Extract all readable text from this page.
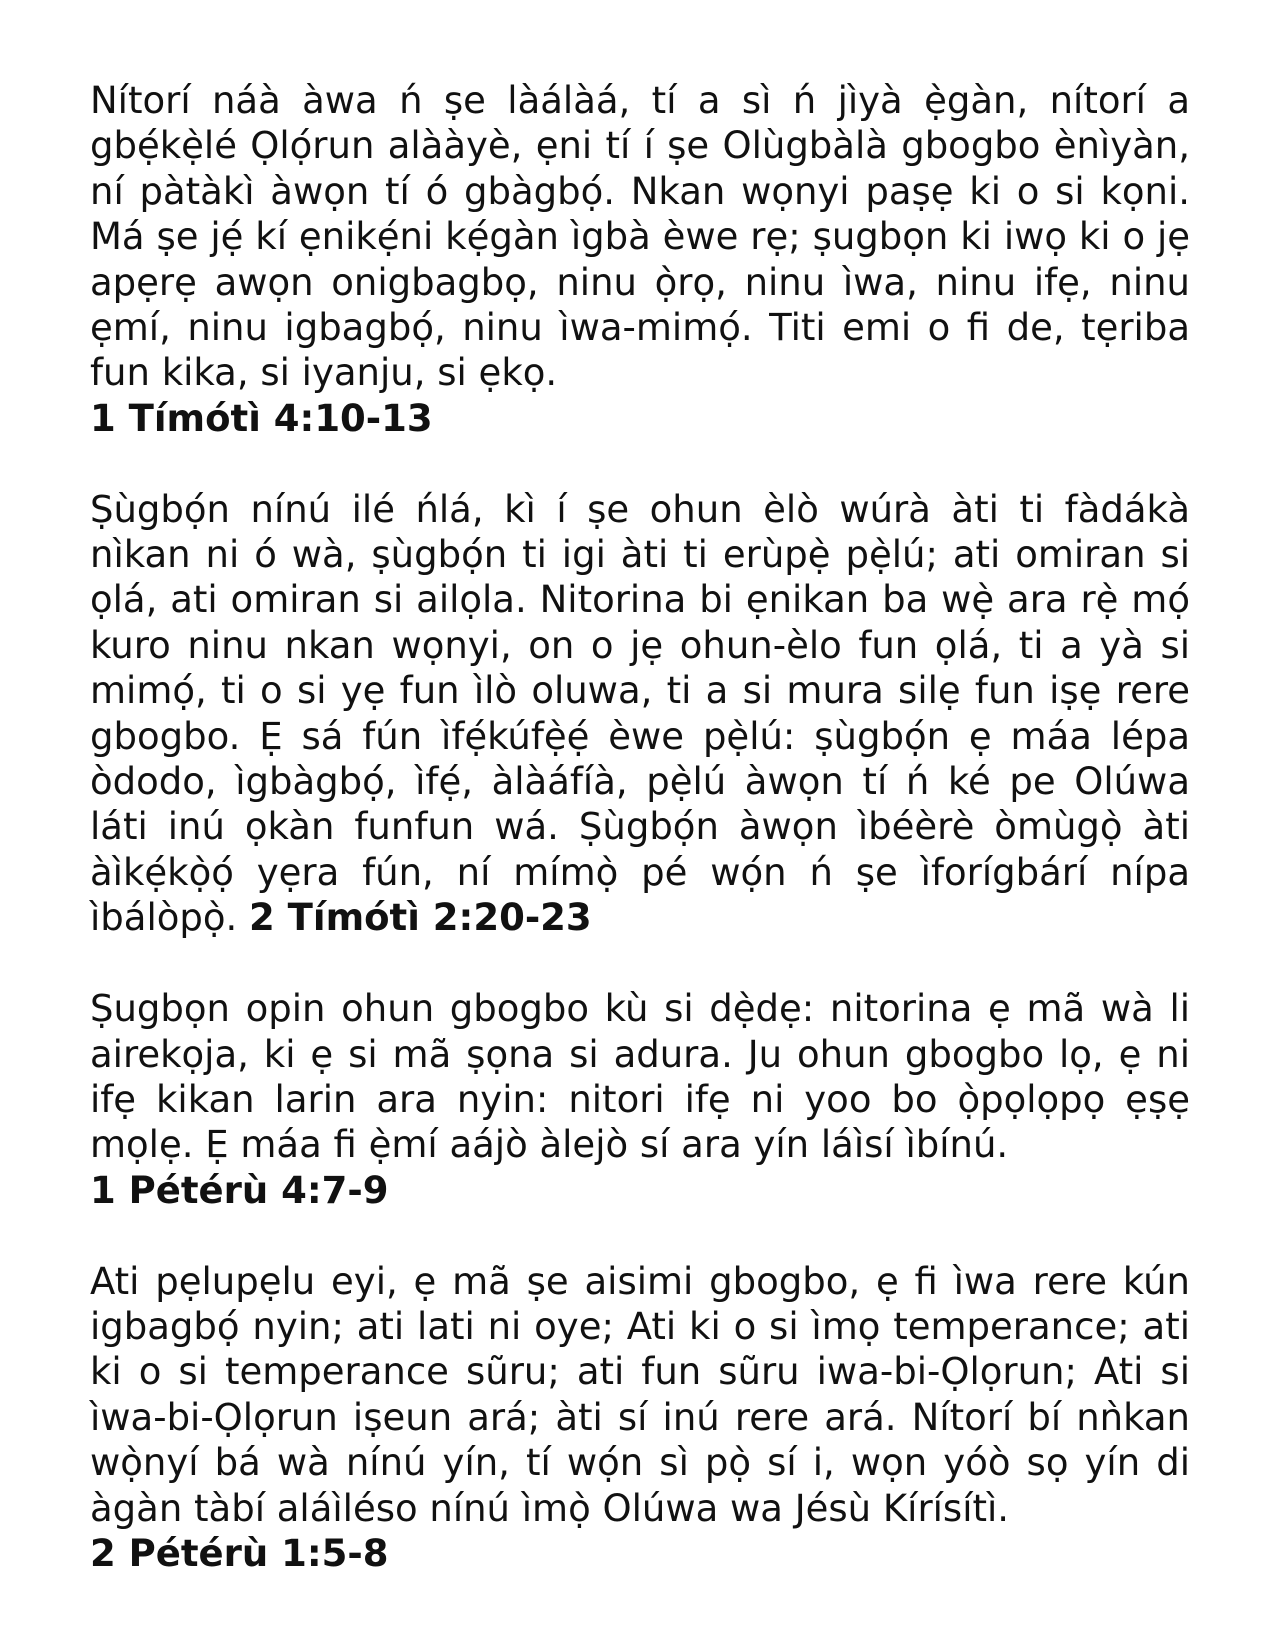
Nítorí náà àwa ń ṣe làálàá, tí a sì ń jìyà ẹ̀gàn, nítorí a gbẹ́kẹ̀lé Ọlọ́run alààyè, ẹni tí í ṣe Olùgbàlà gbogbo ènìyàn, ní pàtàkì àwọn tí ó gbàgbọ́. Nkan wọnyi paṣẹ ki o si kọni. Má ṣe jẹ́ kí ẹnikẹ́ni kẹ́gàn ìgbà èwe rẹ; ṣugbọn ki iwọ ki o jẹ apẹrẹ awọn onigbagbọ, ninu ọ̀rọ, ninu ìwa, ninu ifẹ, ninu ẹmí, ninu igbagbọ́, ninu ìwa-mimọ́. Titi emi o fi de, tẹriba fun kika, si iyanju, si ẹkọ.
1 Tímótì 4:10-13

Ṣùgbọ́n nínú ilé ńlá, kì í ṣe ohun èlò wúrà àti ti fàdákà nìkan ni ó wà, ṣùgbọ́n ti igi àti ti erùpẹ̀ pẹ̀lú; ati omiran si ọlá, ati omiran si ailọla. Nitorina bi ẹnikan ba wẹ̀ ara rẹ̀ mọ́ kuro ninu nkan wọnyi, on o jẹ ohun-èlo fun ọlá, ti a yà si mimọ́, ti o si yẹ fun ìlò oluwa, ti a si mura silẹ fun iṣẹ rere gbogbo. Ẹ sá fún ìfẹ́kúfẹ̀ẹ́ èwe pẹ̀lú: ṣùgbọ́n ẹ máa lépa òdodo, ìgbàgbọ́, ìfẹ́, àlàáfíà, pẹ̀lú àwọn tí ń ké pe Olúwa láti inú ọkàn funfun wá. Ṣùgbọ́n àwọn ìbéèrè òmùgọ̀ àti àìkẹ́kọ̀ọ́ yẹra fún, ní mímọ̀ pé wọ́n ń ṣe ìforígbárí nípa ìbálòpọ̀. 2 Tímótì 2:20-23

Ṣugbọn opin ohun gbogbo kù si dẹ̀dẹ: nitorina ẹ mã wà li airekọja, ki ẹ si mã ṣọna si adura. Ju ohun gbogbo lọ, ẹ ni ifẹ kikan larin ara nyin: nitori ifẹ ni yoo bo ọ̀pọlọpọ ẹṣẹ mọlẹ. Ẹ máa fi ẹ̀mí aájò àlejò sí ara yín láìsí ìbínú.
1 Pétérù 4:7-9

Ati pẹlupẹlu eyi, ẹ mã ṣe aisimi gbogbo, ẹ fi ìwa rere kún igbagbọ́ nyin; ati lati ni oye; Ati ki o si ìmọ temperance; ati ki o si temperance sũru; ati fun sũru iwa-bi-Ọlọrun; Ati si ìwa-bi-Ọlọrun iṣeun ará; àti sí inú rere ará. Nítorí bí nǹkan wọ̀nyí bá wà nínú yín, tí wọ́n sì pọ̀ sí i, wọn yóò sọ yín di àgàn tàbí aláìléso nínú ìmọ̀ Olúwa wa Jésù Kírísítì.
2 Pétérù 1:5-8
